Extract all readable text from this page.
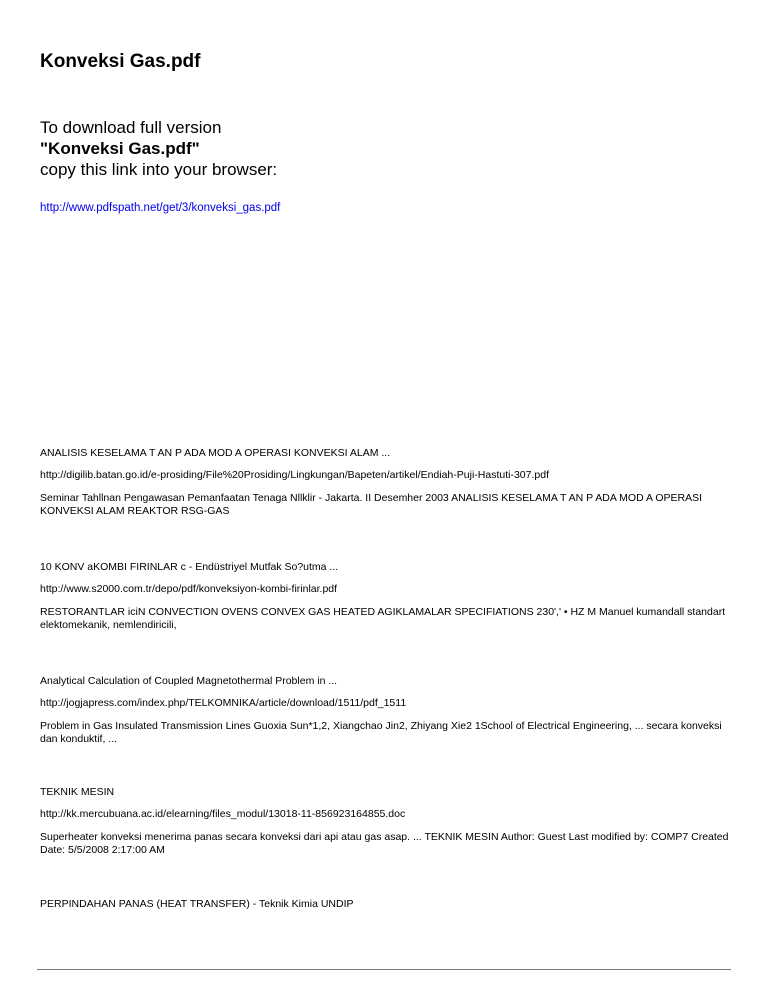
Konveksi Gas.pdf
To download full version
"Konveksi Gas.pdf"
copy this link into your browser:
http://www.pdfspath.net/get/3/konveksi_gas.pdf

ANALISIS KESELAMA T AN P ADA MOD A OPERASI KONVEKSI ALAM ...

http://digilib.batan.go.id/e-prosiding/File%20Prosiding/Lingkungan/Bapeten/artikel/Endiah-Puji-Hastuti-307.pdf

Seminar Tahllnan Pengawasan Pemanfaatan Tenaga Nllklir - Jakarta. II Desemher 2003 ANALISIS KESELAMA T AN P ADA MOD A OPERASI KONVEKSI ALAM REAKTOR RSG-GAS

10 KONV aKOMBI FIRINLAR c - Endüstriyel Mutfak So?utma ...

http://www.s2000.com.tr/depo/pdf/konveksiyon-kombi-firinlar.pdf

RESTORANTLAR iciN CONVECTION OVENS CONVEX GAS HEATED AGIKLAMALAR SPECIFIATIONS 230',' • HZ M Manuel kumandall standart elektomekanik, nemlendiricili,

Analytical Calculation of Coupled Magnetothermal Problem in ...

http://jogjapress.com/index.php/TELKOMNIKA/article/download/1511/pdf_1511

Problem in Gas Insulated Transmission Lines Guoxia Sun*1,2, Xiangchao Jin2, Zhiyang Xie2 1School of Electrical Engineering, ... secara konveksi dan konduktif, ...

TEKNIK MESIN

http://kk.mercubuana.ac.id/elearning/files_modul/13018-11-856923164855.doc

Superheater konveksi menerima panas secara konveksi dari api atau gas asap. ... TEKNIK MESIN Author: Guest Last modified by: COMP7 Created Date: 5/5/2008 2:17:00 AM

PERPINDAHAN PANAS (HEAT TRANSFER) - Teknik Kimia UNDIP
